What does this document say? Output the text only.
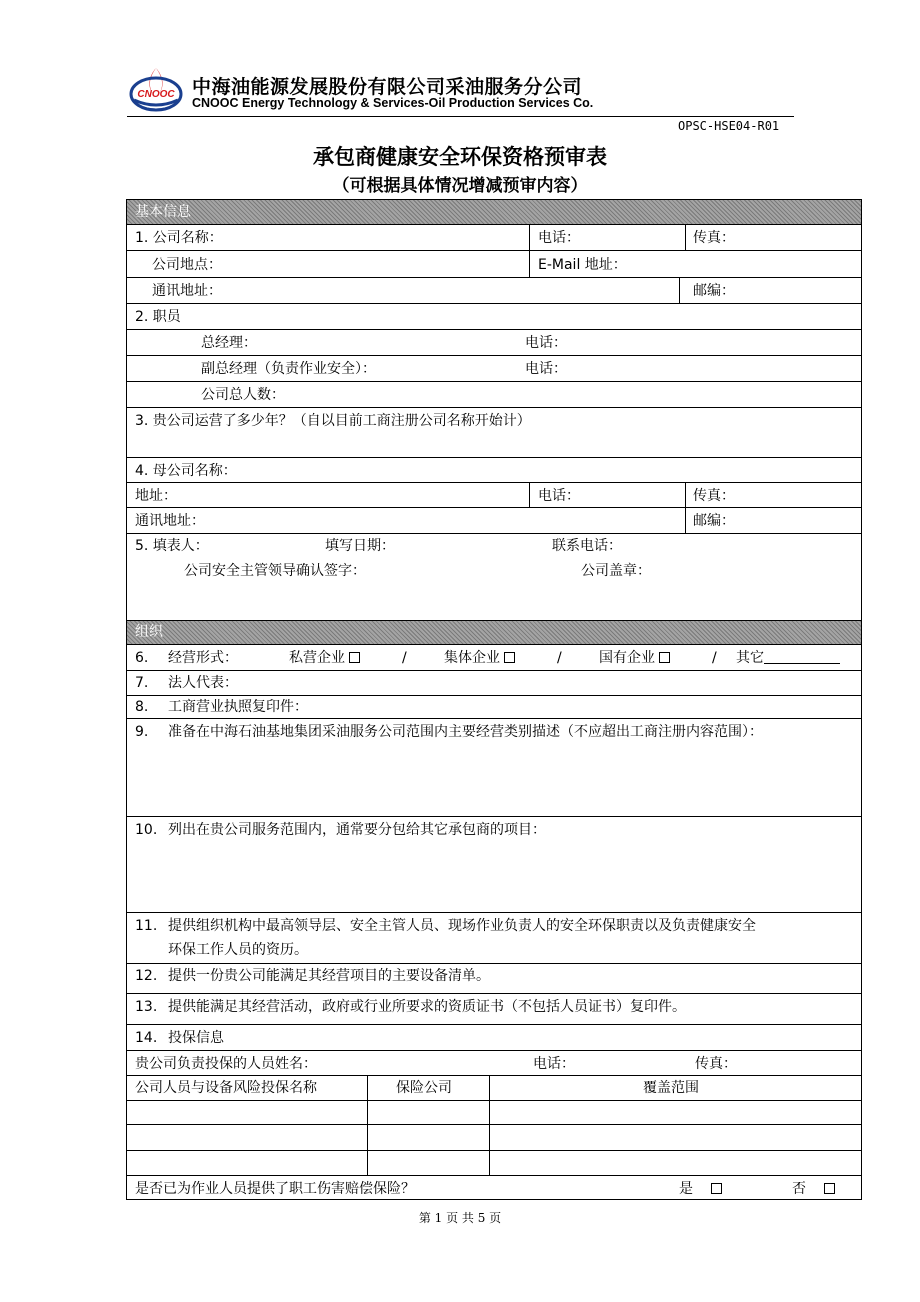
CNOOC 中海油能源发展股份有限公司采油服务分公司
CNOOC Energy Technology & Services-Oil Production Services Co.
OPSC-HSE04-R01
承包商健康安全环保资格预审表
（可根据具体情况增减预审内容）
基本信息
组织
1. 公司名称：	电话：	传真：
公司地点：	E-Mail 地址：
通讯地址：	邮编：
2. 职员
总经理：	电话：
副总经理（负责作业安全）：	电话：
公司总人数：
3. 贵公司运营了多少年？（自以目前工商注册公司名称开始计）
4. 母公司名称：
地址：	电话：	传真：
通讯地址：	邮编：
5. 填表人：	填写日期：	联系电话：
公司安全主管领导确认签字：	公司盖章：
6. 经营形式：	私营企业	/	集体企业	/	国有企业	/ 其它
7. 法人代表：
8. 工商营业执照复印件：
9. 准备在中海石油基地集团采油服务公司范围内主要经营类别描述（不应超出工商注册内容范围）：
10. 列出在贵公司服务范围内，通常要分包给其它承包商的项目：
11. 提供组织机构中最高领导层、安全主管人员、现场作业负责人的安全环保职责以及负责健康安全
环保工作人员的资历。
12. 提供一份贵公司能满足其经营项目的主要设备清单。
13. 提供能满足其经营活动，政府或行业所要求的资质证书（不包括人员证书）复印件。
14. 投保信息
贵公司负责投保的人员姓名：	电话：	传真：
公司人员与设备风险投保名称	保险公司	覆盖范围
是否已为作业人员提供了职工伤害赔偿保险？	是	否
第 1 页 共 5 页
